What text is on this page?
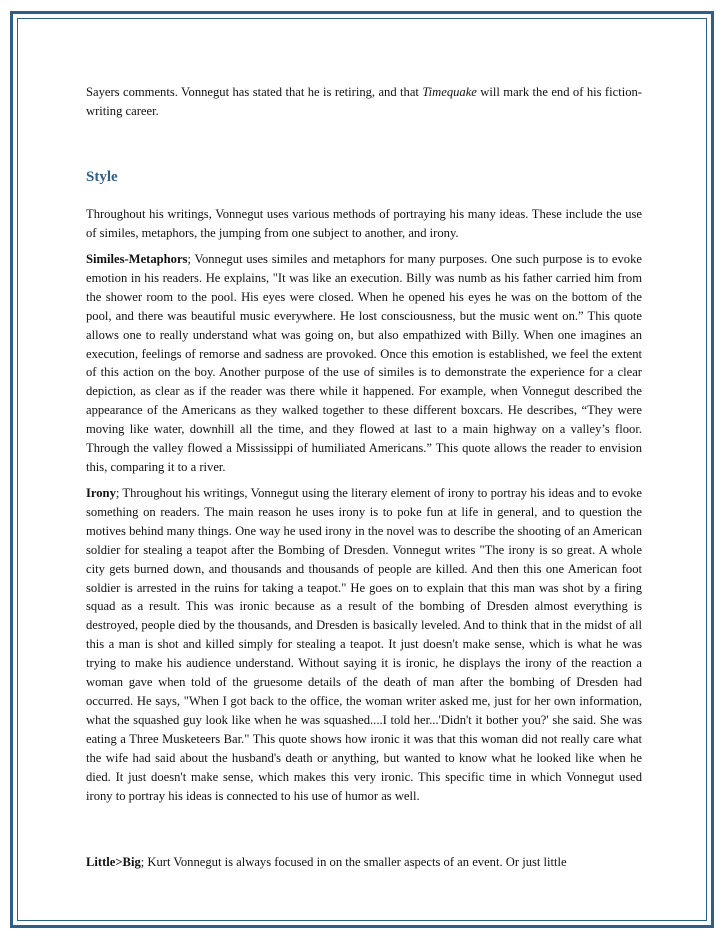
Sayers comments. Vonnegut has stated that he is retiring, and that Timequake will mark the end of his fiction-writing career.

Style

Throughout his writings, Vonnegut uses various methods of portraying his many ideas. These include the use of similes, metaphors, the jumping from one subject to another, and irony.

Similes-Metaphors; Vonnegut uses similes and metaphors for many purposes. One such purpose is to evoke emotion in his readers. He explains, "It was like an execution. Billy was numb as his father carried him from the shower room to the pool. His eyes were closed. When he opened his eyes he was on the bottom of the pool, and there was beautiful music everywhere. He lost consciousness, but the music went on.” This quote allows one to really understand what was going on, but also empathized with Billy. When one imagines an execution, feelings of remorse and sadness are provoked. Once this emotion is established, we feel the extent of this action on the boy. Another purpose of the use of similes is to demonstrate the experience for a clear depiction, as clear as if the reader was there while it happened. For example, when Vonnegut described the appearance of the Americans as they walked together to these different boxcars. He describes, “They were moving like water, downhill all the time, and they flowed at last to a main highway on a valley’s floor. Through the valley flowed a Mississippi of humiliated Americans.” This quote allows the reader to envision this, comparing it to a river.

Irony; Throughout his writings, Vonnegut using the literary element of irony to portray his ideas and to evoke something on readers. The main reason he uses irony is to poke fun at life in general, and to question the motives behind many things. One way he used irony in the novel was to describe the shooting of an American soldier for stealing a teapot after the Bombing of Dresden. Vonnegut writes "The irony is so great. A whole city gets burned down, and thousands and thousands of people are killed. And then this one American foot soldier is arrested in the ruins for taking a teapot." He goes on to explain that this man was shot by a firing squad as a result. This was ironic because as a result of the bombing of Dresden almost everything is destroyed, people died by the thousands, and Dresden is basically leveled. And to think that in the midst of all this a man is shot and killed simply for stealing a teapot. It just doesn't make sense, which is what he was trying to make his audience understand. Without saying it is ironic, he displays the irony of the reaction a woman gave when told of the gruesome details of the death of man after the bombing of Dresden had occurred. He says, "When I got back to the office, the woman writer asked me, just for her own information, what the squashed guy look like when he was squashed....I told her...'Didn't it bother you?' she said. She was eating a Three Musketeers Bar." This quote shows how ironic it was that this woman did not really care what the wife had said about the husband's death or anything, but wanted to know what he looked like when he died. It just doesn't make sense, which makes this very ironic. This specific time in which Vonnegut used irony to portray his ideas is connected to his use of humor as well.

Little>Big; Kurt Vonnegut is always focused in on the smaller aspects of an event. Or just little
